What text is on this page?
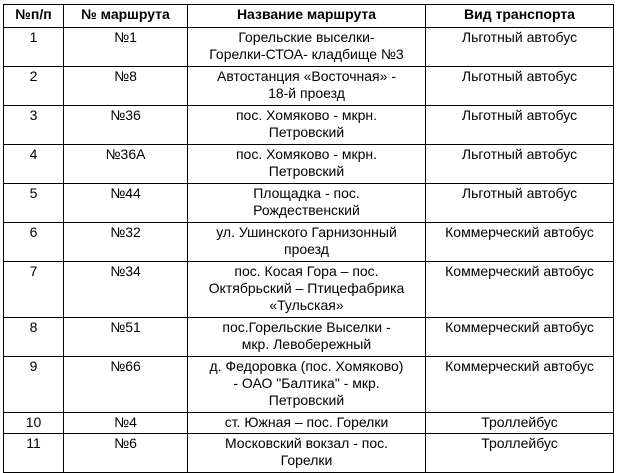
№п/п	№ маршрута	Название маршрута	Вид транспорта
1	№1	Горельские выселки-
Горелки-СТОА- кладбище №3	Льготный автобус
2	№8	Автостанция «Восточная» -
18-й проезд	Льготный автобус
3	№36	пос. Хомяково - мкрн.
Петровский	Льготный автобус
4	№36А	пос. Хомяково - мкрн.
Петровский	Льготный автобус
5	№44	Площадка - пос.
Рождественский	Льготный автобус
6	№32	ул. Ушинского Гарнизонный
проезд	Коммерческий автобус
7	№34	пос. Косая Гора – пос.
Октябрьский – Птицефабрика
«Тульская»	Коммерческий автобус
8	№51	пос.Горельские Выселки -
мкр. Левобережный	Коммерческий автобус
9	№66	д. Федоровка (пос. Хомяково)
- ОАО "Балтика" - мкр.
Петровский	Коммерческий автобус
10	№4	ст. Южная – пос. Горелки	Троллейбус
11	№6	Московский вокзал - пос.
Горелки	Троллейбус
